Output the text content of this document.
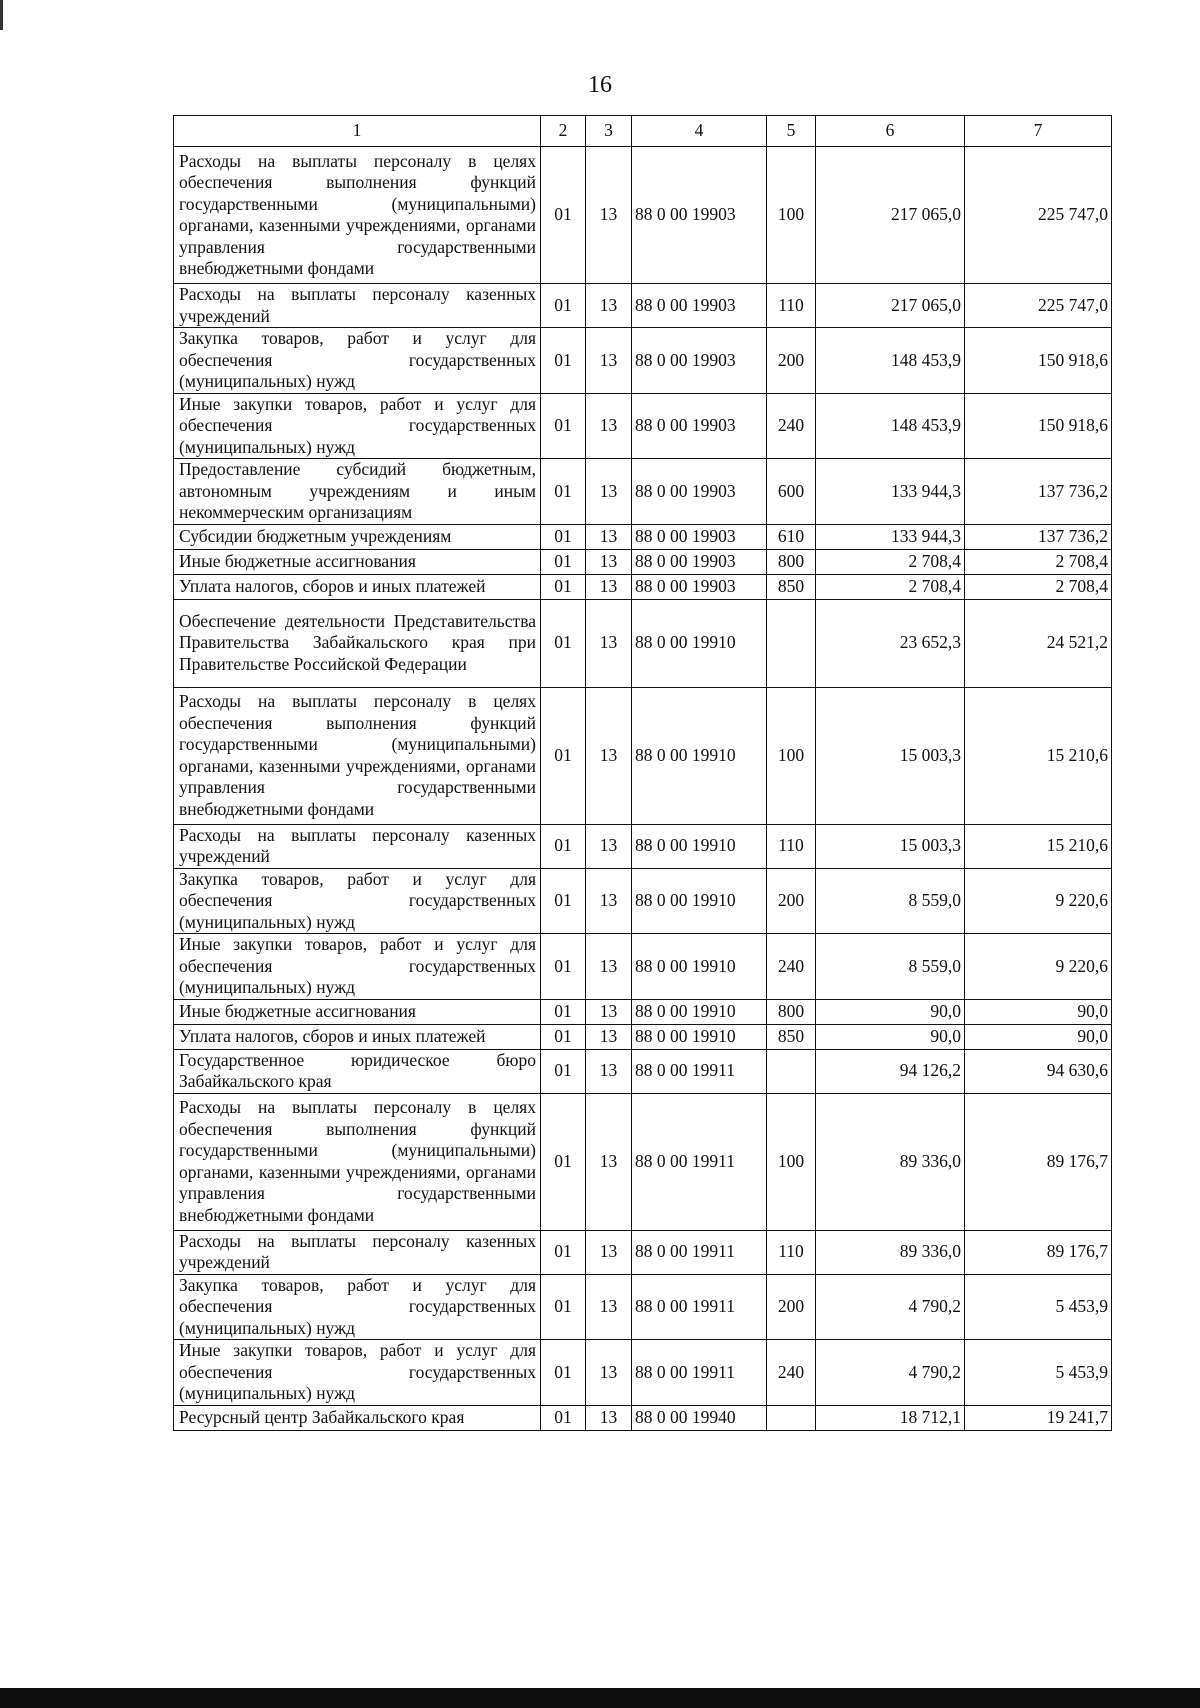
16
1	2	3	4	5	6	7
Расходы на выплаты персоналу в целях обеспечения выполнения функций государственными (муниципальными) органами, казенными учреждениями, органами управления государственными внебюджетными фондами	01	13	88 0 00 19903	100	217 065,0	225 747,0
Расходы на выплаты персоналу казенных учреждений	01	13	88 0 00 19903	110	217 065,0	225 747,0
Закупка товаров, работ и услуг для обеспечения государственных (муниципальных) нужд	01	13	88 0 00 19903	200	148 453,9	150 918,6
Иные закупки товаров, работ и услуг для обеспечения государственных (муниципальных) нужд	01	13	88 0 00 19903	240	148 453,9	150 918,6
Предоставление субсидий бюджетным, автономным учреждениям и иным некоммерческим организациям	01	13	88 0 00 19903	600	133 944,3	137 736,2
Субсидии бюджетным учреждениям	01	13	88 0 00 19903	610	133 944,3	137 736,2
Иные бюджетные ассигнования	01	13	88 0 00 19903	800	2 708,4	2 708,4
Уплата налогов, сборов и иных платежей	01	13	88 0 00 19903	850	2 708,4	2 708,4
Обеспечение деятельности Представительства Правительства Забайкальского края при Правительстве Российской Федерации	01	13	88 0 00 19910		23 652,3	24 521,2
Расходы на выплаты персоналу в целях обеспечения выполнения функций государственными (муниципальными) органами, казенными учреждениями, органами управления государственными внебюджетными фондами	01	13	88 0 00 19910	100	15 003,3	15 210,6
Расходы на выплаты персоналу казенных учреждений	01	13	88 0 00 19910	110	15 003,3	15 210,6
Закупка товаров, работ и услуг для обеспечения государственных (муниципальных) нужд	01	13	88 0 00 19910	200	8 559,0	9 220,6
Иные закупки товаров, работ и услуг для обеспечения государственных (муниципальных) нужд	01	13	88 0 00 19910	240	8 559,0	9 220,6
Иные бюджетные ассигнования	01	13	88 0 00 19910	800	90,0	90,0
Уплата налогов, сборов и иных платежей	01	13	88 0 00 19910	850	90,0	90,0
Государственное юридическое бюро Забайкальского края	01	13	88 0 00 19911		94 126,2	94 630,6
Расходы на выплаты персоналу в целях обеспечения выполнения функций государственными (муниципальными) органами, казенными учреждениями, органами управления государственными внебюджетными фондами	01	13	88 0 00 19911	100	89 336,0	89 176,7
Расходы на выплаты персоналу казенных учреждений	01	13	88 0 00 19911	110	89 336,0	89 176,7
Закупка товаров, работ и услуг для обеспечения государственных (муниципальных) нужд	01	13	88 0 00 19911	200	4 790,2	5 453,9
Иные закупки товаров, работ и услуг для обеспечения государственных (муниципальных) нужд	01	13	88 0 00 19911	240	4 790,2	5 453,9
Ресурсный центр Забайкальского края	01	13	88 0 00 19940		18 712,1	19 241,7
